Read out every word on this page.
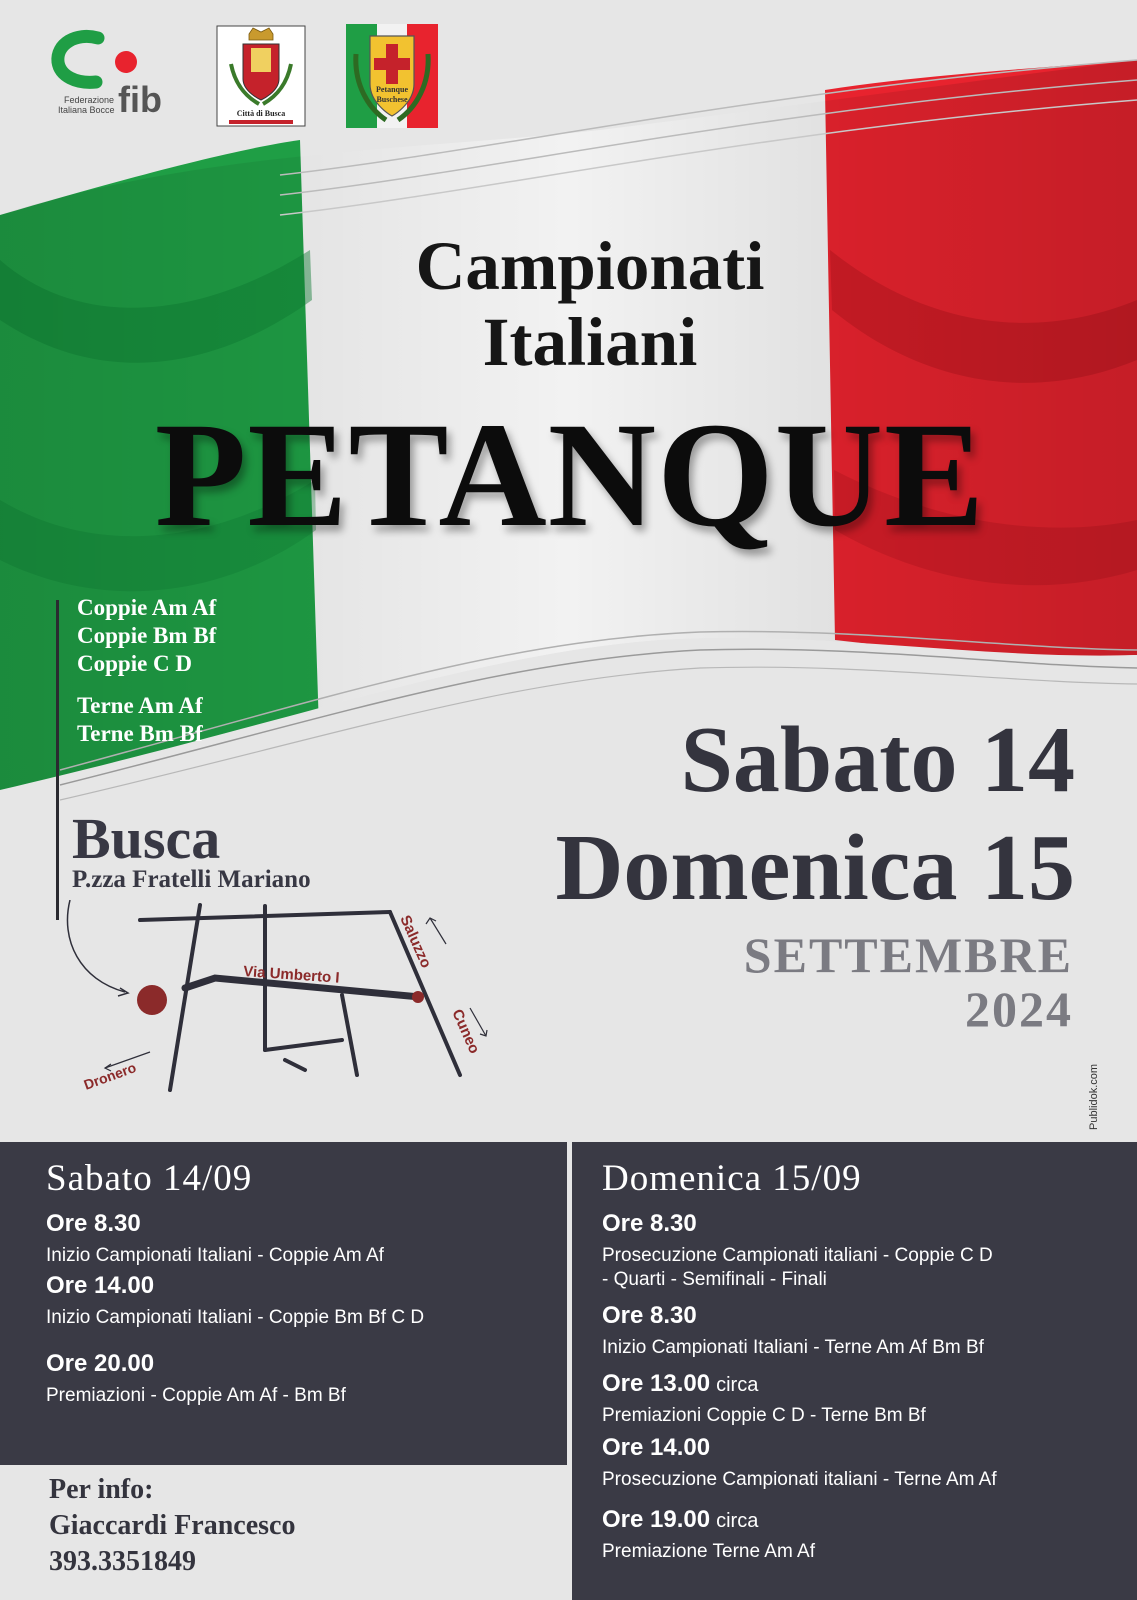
fib
Federazione
Italiana Bocce	Città di Busca
Petanque
Buschese
Campionati
Italiani
PETANQUE
Coppie Am Af
Coppie Bm Bf
Coppie C D
Terne Am Af
Terne Bm Bf
Busca
P.zza Fratelli Mariano
Sabato 14
Domenica 15
SETTEMBRE
2024
Publidok.com
Via Umberto I
Saluzzo
Cuneo
Dronero
Sabato 14/09
Ore 8.30
Inizio Campionati Italiani - Coppie Am Af
Ore 14.00
Inizio Campionati Italiani - Coppie Bm Bf C D
Ore 20.00
Premiazioni - Coppie Am Af - Bm Bf
Domenica 15/09
Ore 8.30
Prosecuzione Campionati italiani - Coppie C D
- Quarti - Semifinali - Finali
Ore 8.30
Inizio Campionati Italiani - Terne Am Af Bm Bf
Ore 13.00 circa
Premiazioni Coppie C D - Terne Bm Bf
Ore 14.00
Prosecuzione Campionati italiani - Terne Am Af
Ore 19.00 circa
Premiazione Terne Am Af
Per info:
Giaccardi Francesco
393.3351849
